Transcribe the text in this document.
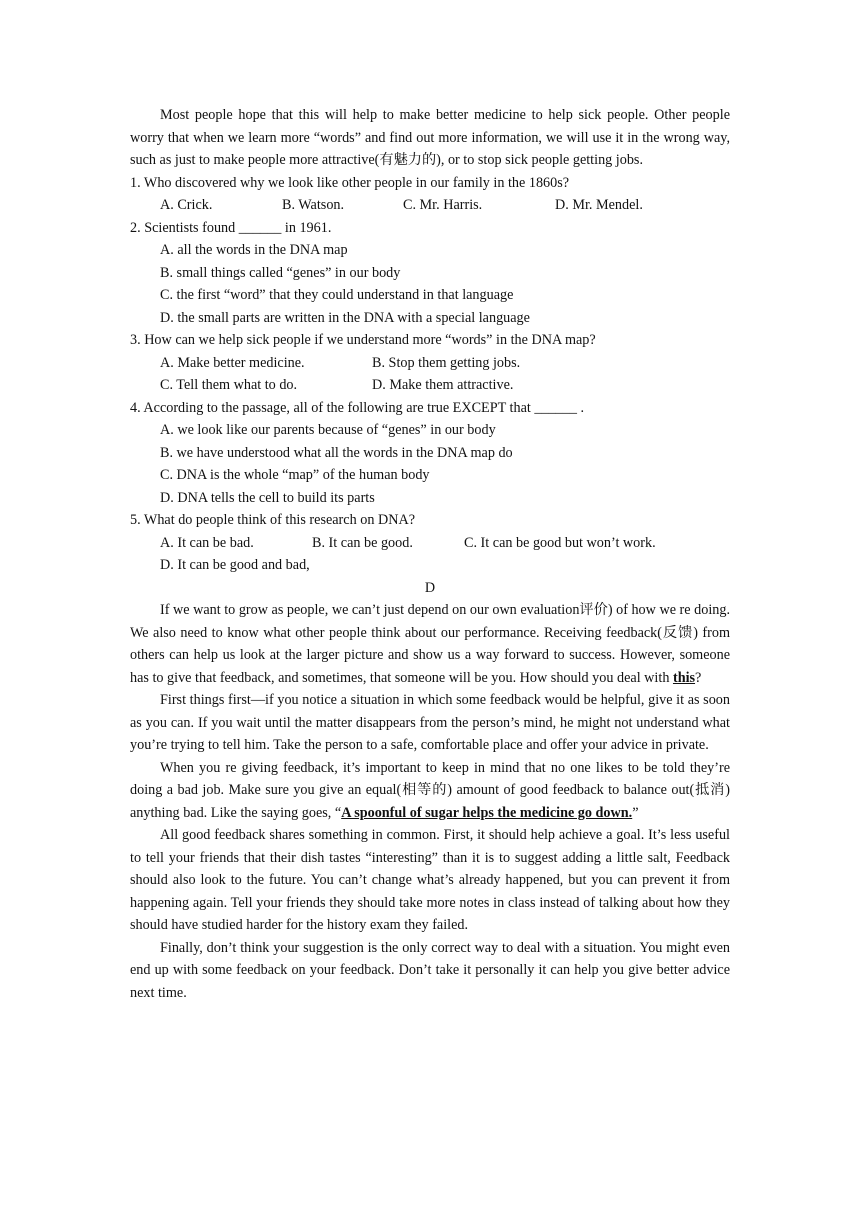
Most people hope that this will help to make better medicine to help sick people. Other people worry that when we learn more “words” and find out more information, we will use it in the wrong way, such as just to make people more attractive(有魅力的), or to stop sick people getting jobs.

1. Who discovered why we look like other people in our family in the 1860s?

A. Crick.	B. Watson.	C. Mr. Harris.	D. Mr. Mendel.

2. Scientists found ______ in 1961.

A. all the words in the DNA map

B. small things called “genes” in our body

C. the first “word” that they could understand in that language

D. the small parts are written in the DNA with a special language

3. How can we help sick people if we understand more “words” in the DNA map?

A. Make better medicine.	B. Stop them getting jobs.
C. Tell them what to do.	D. Make them attractive.

4. According to the passage, all of the following are true EXCEPT that ______ .

A. we look like our parents because of “genes” in our body

B. we have understood what all the words in the DNA map do

C. DNA is the whole “map” of the human body

D. DNA tells the cell to build its parts

5. What do people think of this research on DNA?

A. It can be bad.	B. It can be good.	C. It can be good but won’t work.

D. It can be good and bad,

D

If we want to grow as people, we can’t just depend on our own evaluation评价) of how we re doing. We also need to know what other people think about our performance. Receiving feedback(反馈) from others can help us look at the larger picture and show us a way forward to success. However, someone has to give that feedback, and sometimes, that someone will be you. How should you deal with this?

First things first—if you notice a situation in which some feedback would be helpful, give it as soon as you can. If you wait until the matter disappears from the person’s mind, he might not understand what you’re trying to tell him. Take the person to a safe, comfortable place and offer your advice in private.

When you re giving feedback, it’s important to keep in mind that no one likes to be told they’re doing a bad job. Make sure you give an equal(相等的) amount of good feedback to balance out(抵消) anything bad. Like the saying goes, “A spoonful of sugar helps the medicine go down.”

All good feedback shares something in common. First, it should help achieve a goal. It’s less useful to tell your friends that their dish tastes “interesting” than it is to suggest adding a little salt, Feedback should also look to the future. You can’t change what’s already happened, but you can prevent it from happening again. Tell your friends they should take more notes in class instead of talking about how they should have studied harder for the history exam they failed.

Finally, don’t think your suggestion is the only correct way to deal with a situation. You might even end up with some feedback on your feedback. Don’t take it personally it can help you give better advice next time.
